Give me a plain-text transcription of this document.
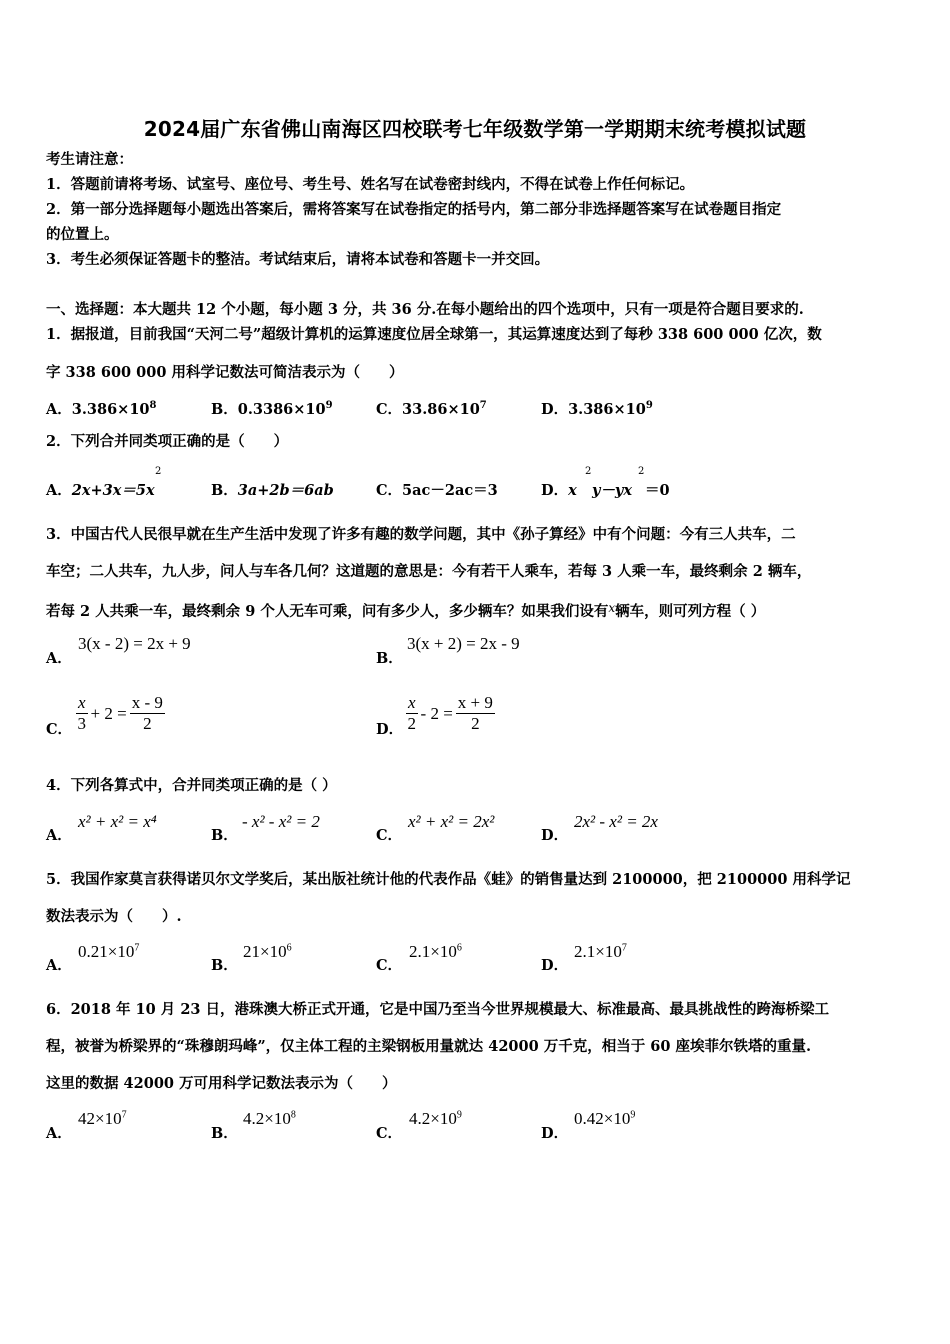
2024届广东省佛山南海区四校联考七年级数学第一学期期末统考模拟试题
考生请注意：
1．答题前请将考场、试室号、座位号、考生号、姓名写在试卷密封线内，不得在试卷上作任何标记。
2．第一部分选择题每小题选出答案后，需将答案写在试卷指定的括号内，第二部分非选择题答案写在试卷题目指定
的位置上。
3．考生必须保证答题卡的整洁。考试结束后，请将本试卷和答题卡一并交回。
一、选择题：本大题共 12 个小题，每小题 3 分，共 36 分.在每小题给出的四个选项中，只有一项是符合题目要求的.
1．据报道，目前我国“天河二号”超级计算机的运算速度位居全球第一，其运算速度达到了每秒 338 600 000 亿次，数
字 338 600 000 用科学记数法可简洁表示为（　　）
A．$3.386\times 10^8$	B．$0.3386\times 10^9$	C．$33.86\times 10^7$	D．$3.386\times 10^9$
2．下列合并同类项正确的是（　　）
A．2x+3x＝5x
2
B．3a+2b＝6ab	C．5ac－2ac＝3	D．x
2
y－yx
2
＝0
3．中国古代人民很早就在生产生活中发现了许多有趣的数学问题，其中《孙子算经》中有个问题：今有三人共车，二
车空；二人共车，九人步，问人与车各几何？这道题的意思是：今有若干人乘车，若每 3 人乘一车，最终剩余 2 辆车，
若每 2 人共乘一车，最终剩余 9 个人无车可乘，问有多少人，多少辆车？如果我们设有$^x$辆车，则可列方程（ ）
A．
3(x - 2) = 2x + 9
B．
3(x + 2) = 2x - 9
C． $\frac{x}{3} + 2 = \frac{x - 9}{2}$	D． $\frac{x}{2} - 2 = \frac{x + 9}{2}$
4．下列各算式中，合并同类项正确的是（ ）
A．
x² + x² = x⁴
B．
- x² - x² = 2
C．
x² + x² = 2x²
D．
2x² - x² = 2x
5．我国作家莫言获得诺贝尔文学奖后，某出版社统计他的代表作品《蛙》的销售量达到 2100000，把 2100000 用科学记
数法表示为（　　）.
A．
$0.21\times 10^7$
B．
$21\times 10^6$
C．
$2.1\times 10^6$
D．
$2.1\times 10^7$
6．2018 年 10 月 23 日，港珠澳大桥正式开通，它是中国乃至当今世界规模最大、标准最高、最具挑战性的跨海桥梁工
程，被誉为桥梁界的“珠穆朗玛峰”，仅主体工程的主梁钢板用量就达 42000 万千克，相当于 60 座埃菲尔铁塔的重量.
这里的数据 42000 万可用科学记数法表示为（　　）
A．
$42\times 10^7$
B．
$4.2\times 10^8$
C．
$4.2\times 10^9$
D．
$0.42\times 10^9$
